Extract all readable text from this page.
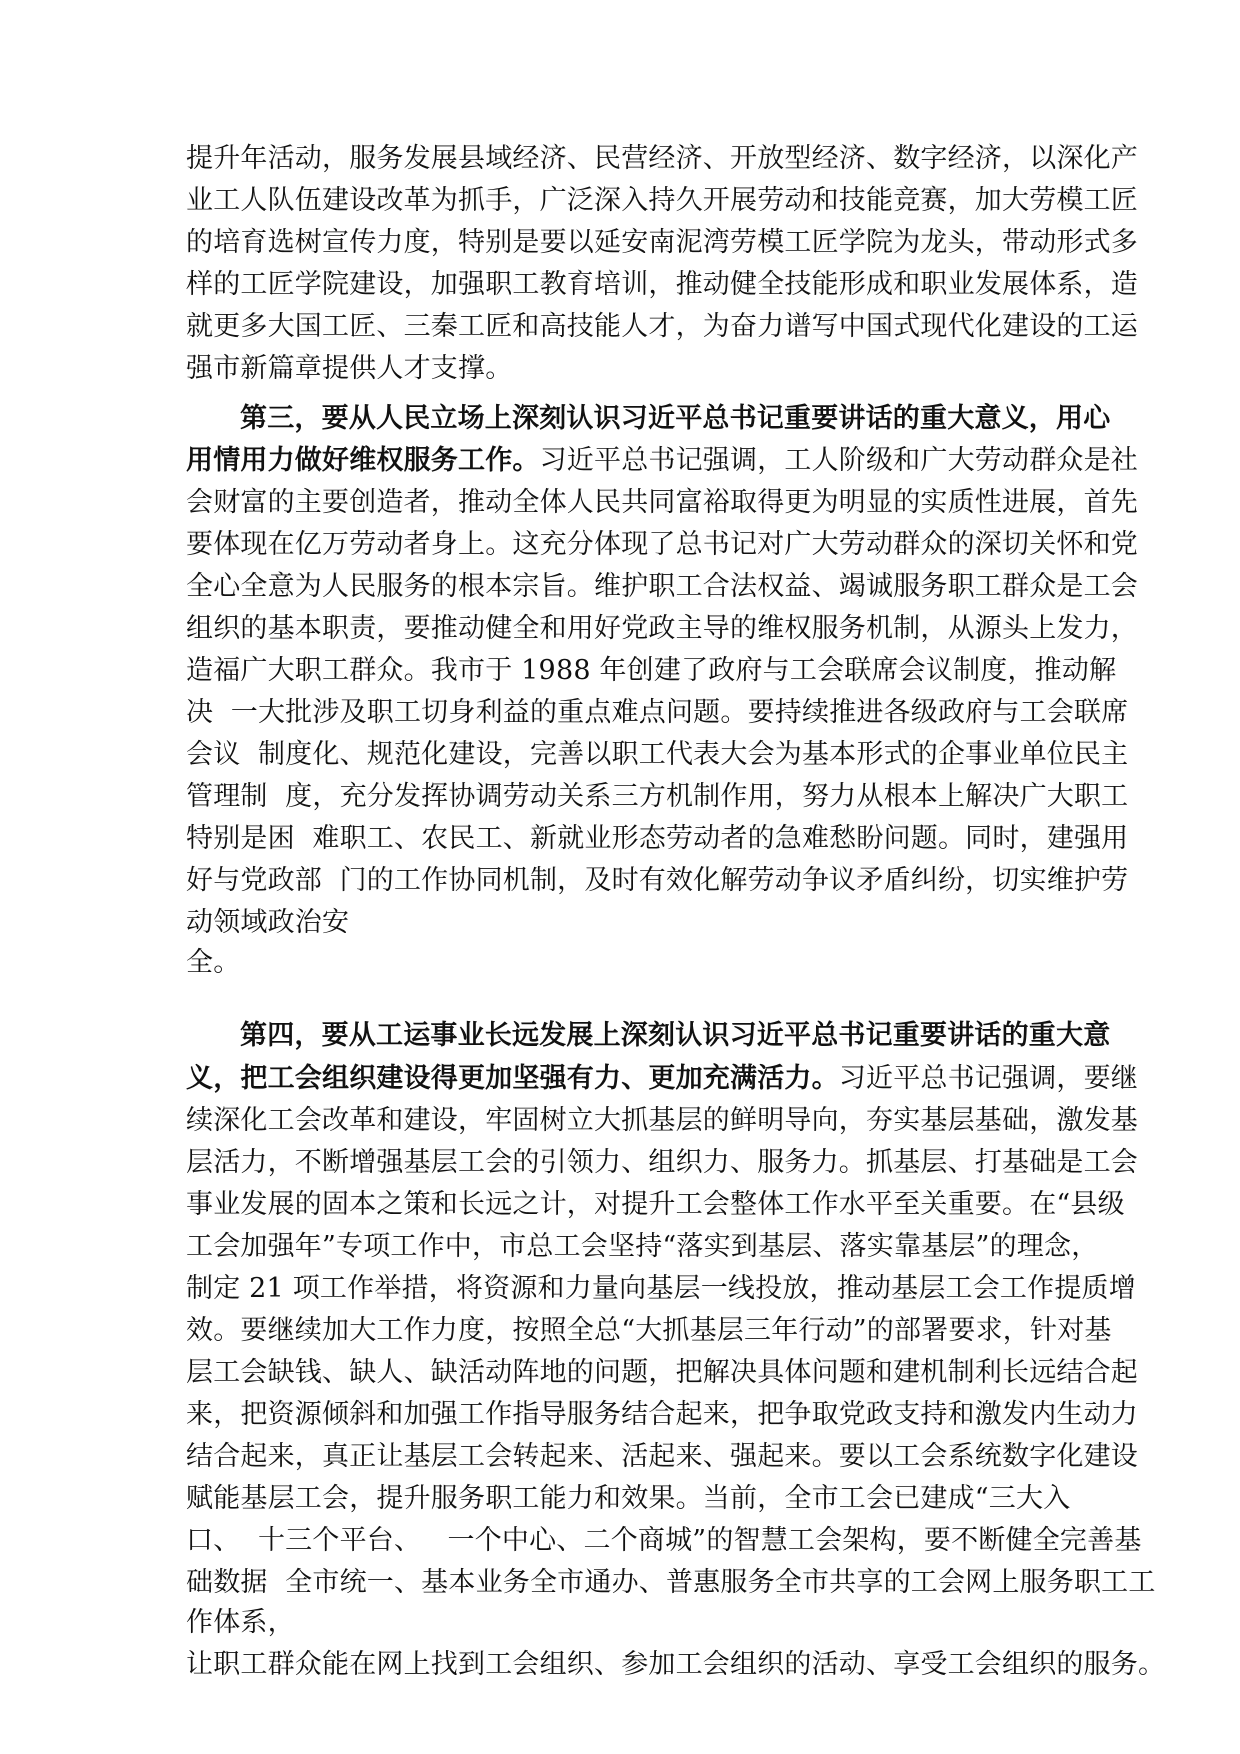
提升年活动，服务发展县域经济、民营经济、开放型经济、数字经济，以深化产
业工人队伍建设改革为抓手，广泛深入持久开展劳动和技能竞赛，加大劳模工匠
的培育选树宣传力度，特别是要以延安南泥湾劳模工匠学院为龙头，带动形式多
样的工匠学院建设，加强职工教育培训，推动健全技能形成和职业发展体系，造
就更多大国工匠、三秦工匠和高技能人才，为奋力谱写中国式现代化建设的工运
强市新篇章提供人才支撑。
第三，要从人民立场上深刻认识习近平总书记重要讲话的重大意义，用心
用情用力做好维权服务工作。习近平总书记强调，工人阶级和广大劳动群众是社
会财富的主要创造者，推动全体人民共同富裕取得更为明显的实质性进展，首先
要体现在亿万劳动者身上。这充分体现了总书记对广大劳动群众的深切关怀和党
全心全意为人民服务的根本宗旨。维护职工合法权益、竭诚服务职工群众是工会
组织的基本职责，要推动健全和用好党政主导的维权服务机制，从源头上发力，
造福广大职工群众。我市于 1988 年创建了政府与工会联席会议制度，推动解
决  一大批涉及职工切身利益的重点难点问题。要持续推进各级政府与工会联席
会议  制度化、规范化建设，完善以职工代表大会为基本形式的企事业单位民主
管理制  度，充分发挥协调劳动关系三方机制作用，努力从根本上解决广大职工
特别是困  难职工、农民工、新就业形态劳动者的急难愁盼问题。同时，建强用
好与党政部  门的工作协同机制，及时有效化解劳动争议矛盾纠纷，切实维护劳
动领域政治安
全。
第四，要从工运事业长远发展上深刻认识习近平总书记重要讲话的重大意
义，把工会组织建设得更加坚强有力、更加充满活力。习近平总书记强调，要继
续深化工会改革和建设，牢固树立大抓基层的鲜明导向，夯实基层基础，激发基
层活力，不断增强基层工会的引领力、组织力、服务力。抓基层、打基础是工会
事业发展的固本之策和长远之计，对提升工会整体工作水平至关重要。在“县级
工会加强年”专项工作中，市总工会坚持“落实到基层、落实靠基层”的理念，
制定 21 项工作举措，将资源和力量向基层一线投放，推动基层工会工作提质增
效。要继续加大工作力度，按照全总“大抓基层三年行动”的部署要求，针对基
层工会缺钱、缺人、缺活动阵地的问题，把解决具体问题和建机制利长远结合起
来，把资源倾斜和加强工作指导服务结合起来，把争取党政支持和激发内生动力
结合起来，真正让基层工会转起来、活起来、强起来。要以工会系统数字化建设
赋能基层工会，提升服务职工能力和效果。当前，全市工会已建成“三大入
口、  十三个平台、   一个中心、二个商城”的智慧工会架构，要不断健全完善基
础数据  全市统一、基本业务全市通办、普惠服务全市共享的工会网上服务职工工
作体系，
让职工群众能在网上找到工会组织、参加工会组织的活动、享受工会组织的服务。
